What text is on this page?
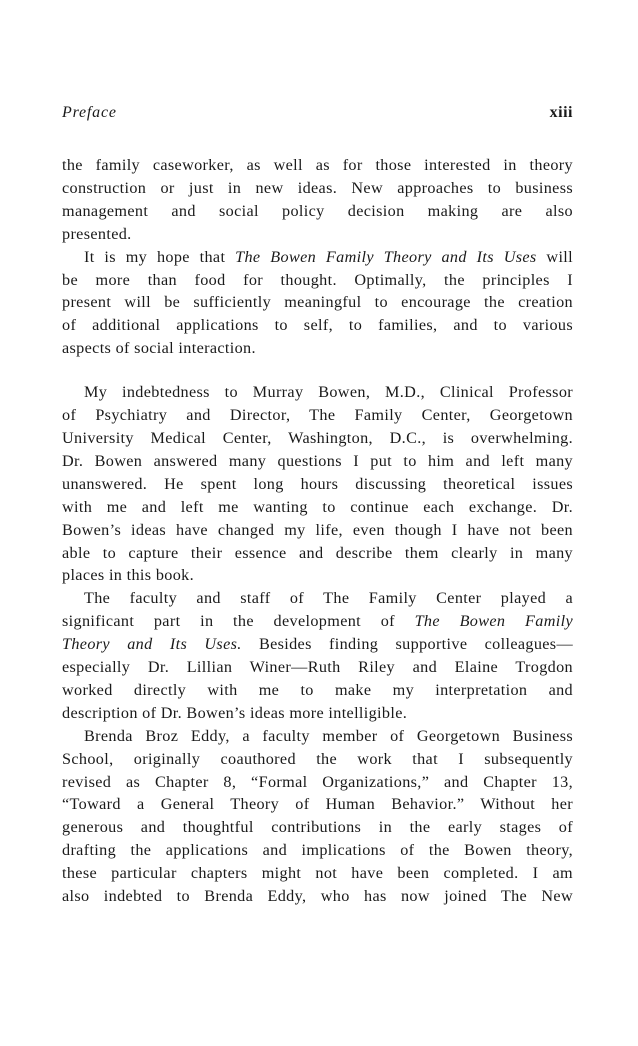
Preface	xiii
the family caseworker, as well as for those interested in theory
construction or just in new ideas. New approaches to business
management and social policy decision making are also
presented.
It is my hope that The Bowen Family Theory and Its Uses will
be more than food for thought. Optimally, the principles I
present will be sufficiently meaningful to encourage the creation
of additional applications to self, to families, and to various
aspects of social interaction.
My indebtedness to Murray Bowen, M.D., Clinical Professor
of Psychiatry and Director, The Family Center, Georgetown
University Medical Center, Washington, D.C., is overwhelming.
Dr. Bowen answered many questions I put to him and left many
unanswered. He spent long hours discussing theoretical issues
with me and left me wanting to continue each exchange. Dr.
Bowen’s ideas have changed my life, even though I have not been
able to capture their essence and describe them clearly in many
places in this book.
The faculty and staff of The Family Center played a
significant part in the development of The Bowen Family
Theory and Its Uses. Besides finding supportive colleagues—
especially Dr. Lillian Winer—Ruth Riley and Elaine Trogdon
worked directly with me to make my interpretation and
description of Dr. Bowen’s ideas more intelligible.
Brenda Broz Eddy, a faculty member of Georgetown Business
School, originally coauthored the work that I subsequently
revised as Chapter 8, “Formal Organizations,” and Chapter 13,
“Toward a General Theory of Human Behavior.” Without her
generous and thoughtful contributions in the early stages of
drafting the applications and implications of the Bowen theory,
these particular chapters might not have been completed. I am
also indebted to Brenda Eddy, who has now joined The New
